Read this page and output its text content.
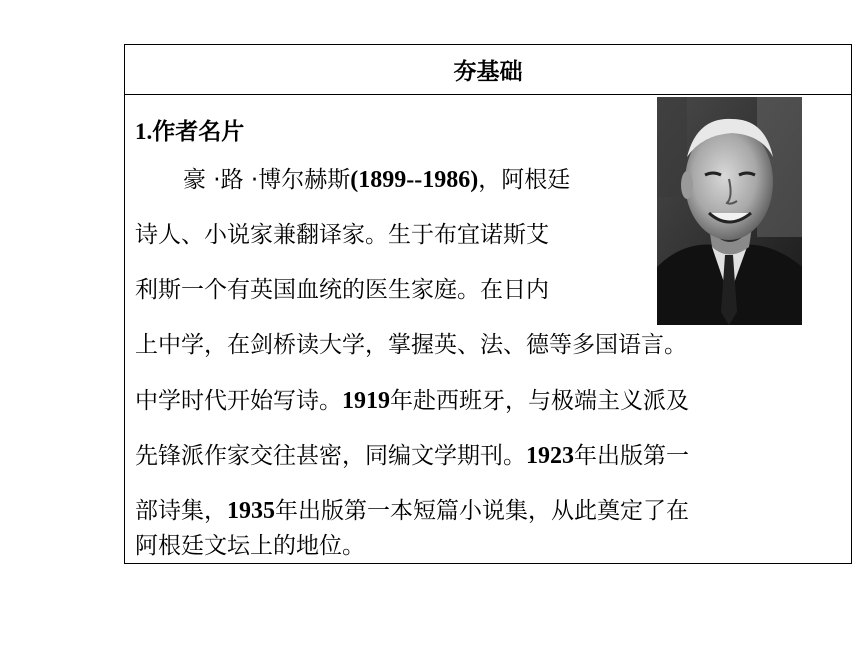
夯基础

1.作者名片

豪 ·路 ·博尔赫斯(1899--1986)，阿根廷
诗人、小说家兼翻译家。生于布宜诺斯艾
利斯一个有英国血统的医生家庭。在日内
上中学，在剑桥读大学，掌握英、法、德等多国语言。
中学时代开始写诗。1919年赴西班牙，与极端主义派及
先锋派作家交往甚密，同编文学期刊。1923年出版第一
部诗集，1935年出版第一本短篇小说集，从此奠定了在
阿根廷文坛上的地位。
